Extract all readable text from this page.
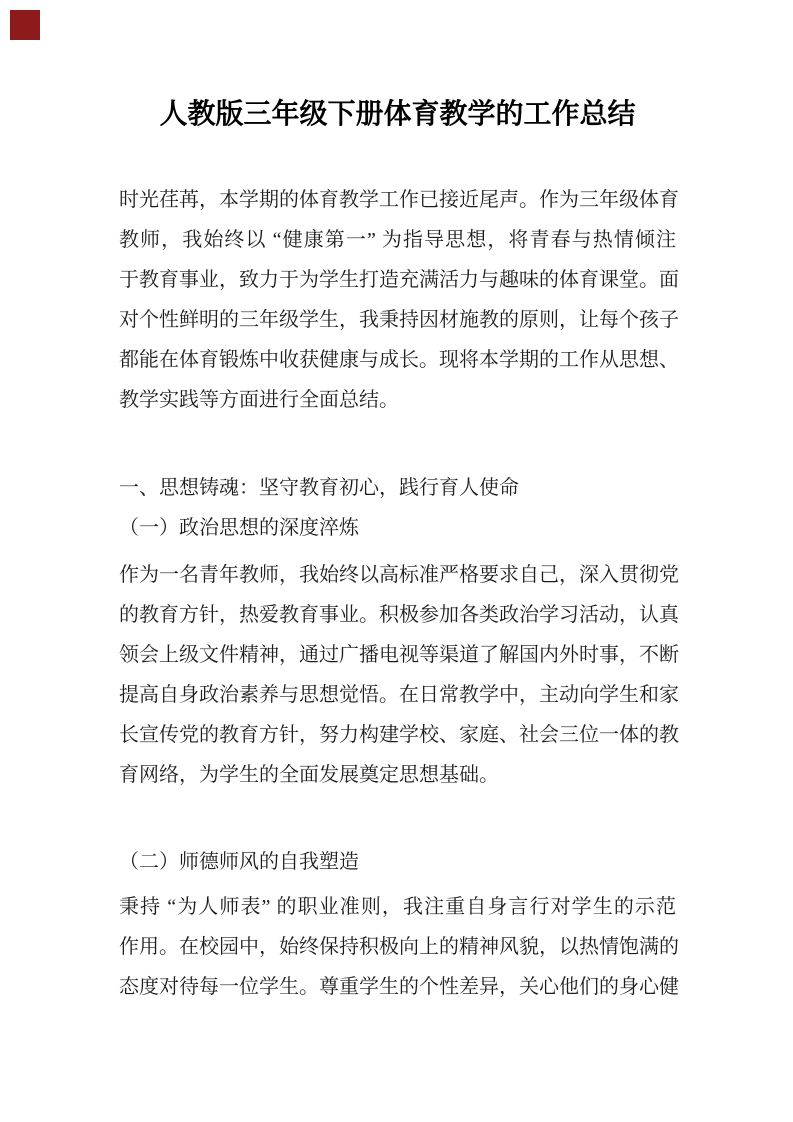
人教版三年级下册体育教学的工作总结
时光荏苒，本学期的体育教学工作已接近尾声。作为三年级体育
教师，我始终以 “健康第一” 为指导思想，将青春与热情倾注
于教育事业，致力于为学生打造充满活力与趣味的体育课堂。面
对个性鲜明的三年级学生，我秉持因材施教的原则，让每个孩子
都能在体育锻炼中收获健康与成长。现将本学期的工作从思想、
教学实践等方面进行全面总结。
一、思想铸魂：坚守教育初心，践行育人使命
（一）政治思想的深度淬炼
作为一名青年教师，我始终以高标准严格要求自己，深入贯彻党
的教育方针，热爱教育事业。积极参加各类政治学习活动，认真
领会上级文件精神，通过广播电视等渠道了解国内外时事，不断
提高自身政治素养与思想觉悟。在日常教学中，主动向学生和家
长宣传党的教育方针，努力构建学校、家庭、社会三位一体的教
育网络，为学生的全面发展奠定思想基础。
（二）师德师风的自我塑造
秉持 “为人师表” 的职业准则，我注重自身言行对学生的示范
作用。在校园中，始终保持积极向上的精神风貌，以热情饱满的
态度对待每一位学生。尊重学生的个性差异，关心他们的身心健
